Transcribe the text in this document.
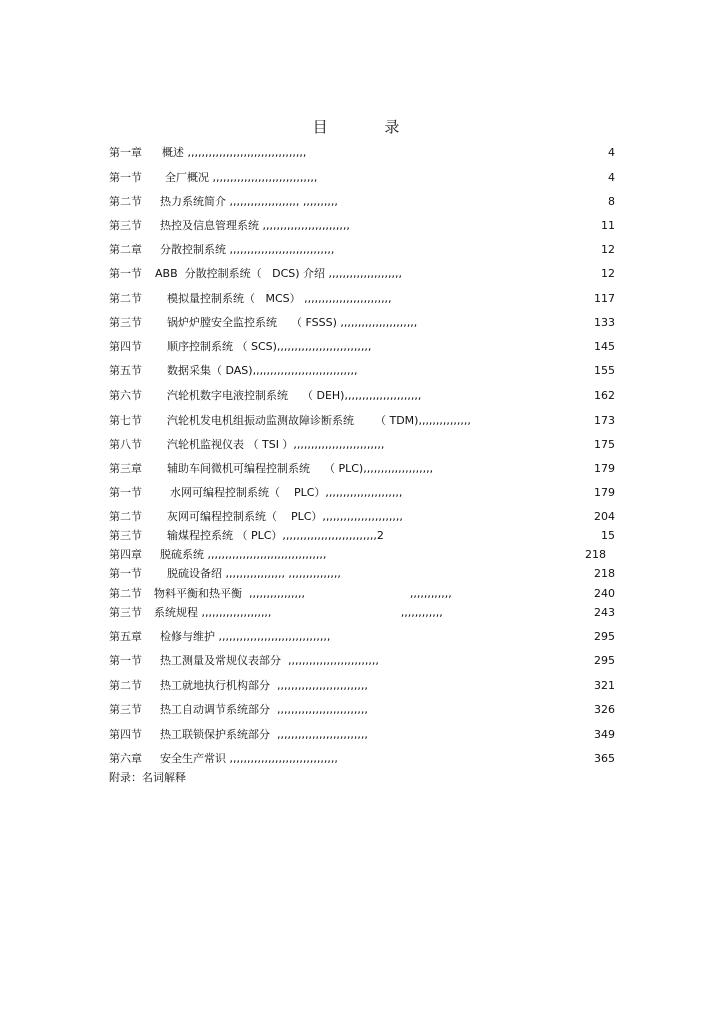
目 录
第一章 概述 ,,,,,,,,,,,,,,,,,,,,,,,,,,,,,,,,,,	4
第一节 全厂概况 ,,,,,,,,,,,,,,,,,,,,,,,,,,,,,,	4
第二节 热力系统简介 ,,,,,,,,,,,,,,,,,,,, ,,,,,,,,,,	8
第三节 热控及信息管理系统 ,,,,,,,,,,,,,,,,,,,,,,,,,	11
第二章 分散控制系统 ,,,,,,,,,,,,,,,,,,,,,,,,,,,,,,	12
第一节 ABB  分散控制系统（   DCS) 介绍 ,,,,,,,,,,,,,,,,,,,,,	12
第二节 模拟量控制系统（   MCS） ,,,,,,,,,,,,,,,,,,,,,,,,,	117
第三节 锅炉炉膛安全监控系统    （ FSSS) ,,,,,,,,,,,,,,,,,,,,,,	133
第四节 顺序控制系统 （ SCS),,,,,,,,,,,,,,,,,,,,,,,,,,,	145
第五节 数据采集（ DAS),,,,,,,,,,,,,,,,,,,,,,,,,,,,,,	155
第六节 汽轮机数字电液控制系统    （ DEH),,,,,,,,,,,,,,,,,,,,,,	162
第七节 汽轮机发电机组振动监测故障诊断系统      （ TDM),,,,,,,,,,,,,,,	173
第八节 汽轮机监视仪表 （ TSI ）,,,,,,,,,,,,,,,,,,,,,,,,,,	175
第三章 辅助车间微机可编程控制系统    （ PLC),,,,,,,,,,,,,,,,,,,,	179
第一节	水网可编程控制系统（    PLC）,,,,,,,,,,,,,,,,,,,,,,	179
第二节 灰网可编程控制系统（    PLC）,,,,,,,,,,,,,,,,,,,,,,,	204
第三节 输煤程控系统 （ PLC）,,,,,,,,,,,,,,,,,,,,,,,,,,,2	15
第四章 脱硫系统 ,,,,,,,,,,,,,,,,,,,,,,,,,,,,,,,,,,	218
第一节 脱硫设备绍 ,,,,,,,,,,,,,,,,, ,,,,,,,,,,,,,,,	218
第二节 物料平衡和热平衡  ,,,,,,,,,,,,,,,,                              ,,,,,,,,,,,,	240
第三节 系统规程 ,,,,,,,,,,,,,,,,,,,,                                     ,,,,,,,,,,,,	243
第五章 检修与维护 ,,,,,,,,,,,,,,,,,,,,,,,,,,,,,,,,	295
第一节 热工测量及常规仪表部分  ,,,,,,,,,,,,,,,,,,,,,,,,,,	295
第二节 热工就地执行机构部分  ,,,,,,,,,,,,,,,,,,,,,,,,,,	321
第三节 热工自动调节系统部分  ,,,,,,,,,,,,,,,,,,,,,,,,,,	326
第四节 热工联锁保护系统部分  ,,,,,,,,,,,,,,,,,,,,,,,,,,	349
第六章 安全生产常识 ,,,,,,,,,,,,,,,,,,,,,,,,,,,,,,,	365
附录：名词解释
